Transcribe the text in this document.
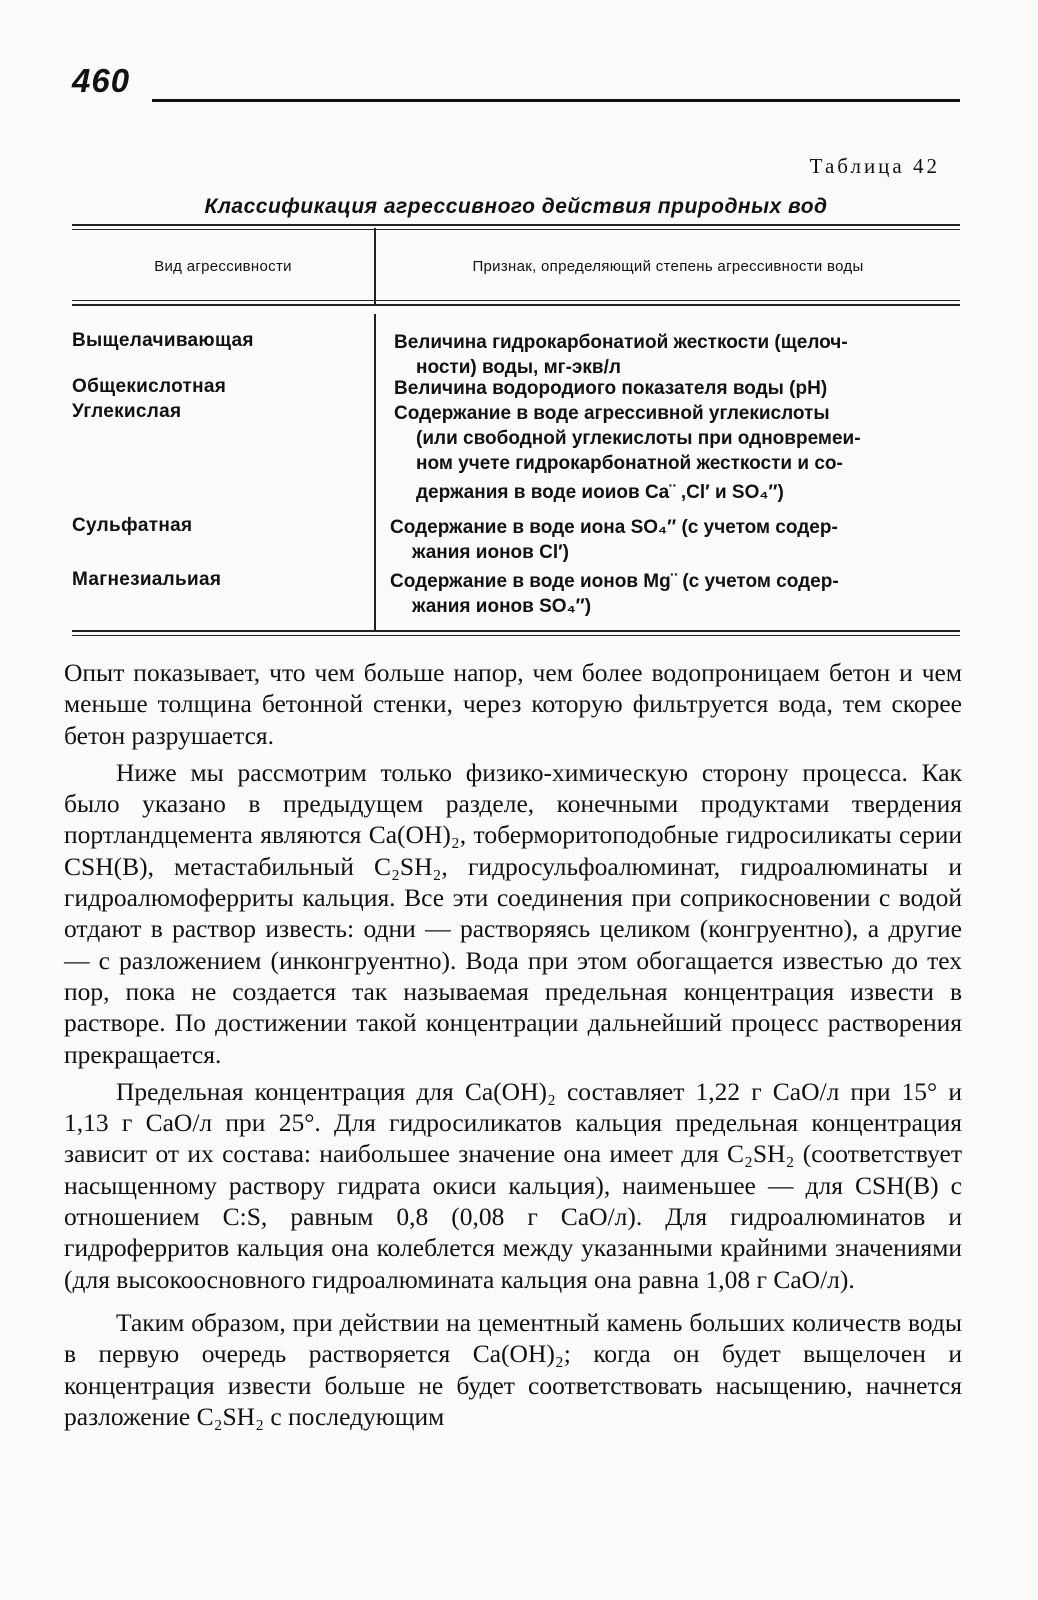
460
Таблица 42
Классификация агрессивного действия природных вод
Вид агрессивности	Признак, определяющий степень агрессивности воды
Выщелачивающая	Величина гидрокарбонатиой жесткости (щелоч-
ности) воды, мг-экв/л
Общекислотная	Величина водородиого показателя воды (pH)
Углекислая	Содержание в воде агрессивной углекислоты
(или свободной углекислоты при одновремеи-
ном учете гидрокарбонатной жесткости и со-
держания в воде иоиов Ca¨ ,Cl′ и SO₄″)
Сульфатная	Содержание в воде иона SO₄″ (с учетом содер-
жания ионов Cl′)
Магнезиальиая	Содержание в воде ионов Mg¨ (с учетом содер-
жания ионов SO₄″)

Опыт показывает, что чем больше напор, чем более водопроницаем бетон и чем меньше толщина бетонной стенки, через которую фильтруется вода, тем скорее бетон разрушается.

Ниже мы рассмотрим только физико-химическую сторону процесса. Как было указано в предыдущем разделе, конечными продуктами твердения портландцемента являются Ca(OH)₂, тоберморитоподобные гидросиликаты серии CSH(B), метастабильный C₂SH₂, гидросульфоалюминат, гидроалюминаты и гидроалюмоферриты кальция. Все эти соединения при соприкосновении с водой отдают в раствор известь: одни — растворяясь целиком (конгруентно), а другие — с разложением (инконгруентно). Вода при этом обогащается известью до тех пор, пока не создается так называемая предельная концентрация извести в растворе. По достижении такой концентрации дальнейший процесс растворения прекращается.

Предельная концентрация для Ca(OH)₂ составляет 1,22 г CaO/л при 15° и 1,13 г CaO/л при 25°. Для гидросиликатов кальция предельная концентрация зависит от их состава: наибольшее значение она имеет для C₂SH₂ (соответствует насыщенному раствору гидрата окиси кальция), наименьшее — для CSH(B) с отношением C:S, равным 0,8 (0,08 г CaO/л). Для гидроалюминатов и гидроферритов кальция она колеблется между указанными крайними значениями (для высокоосновного гидроалюмината кальция она равна 1,08 г CaO/л).

Таким образом, при действии на цементный камень больших количеств воды в первую очередь растворяется Ca(OH)₂; когда он будет выщелочен и концентрация извести больше не будет соответствовать насыщению, начнется разложение C₂SH₂ с последующим
